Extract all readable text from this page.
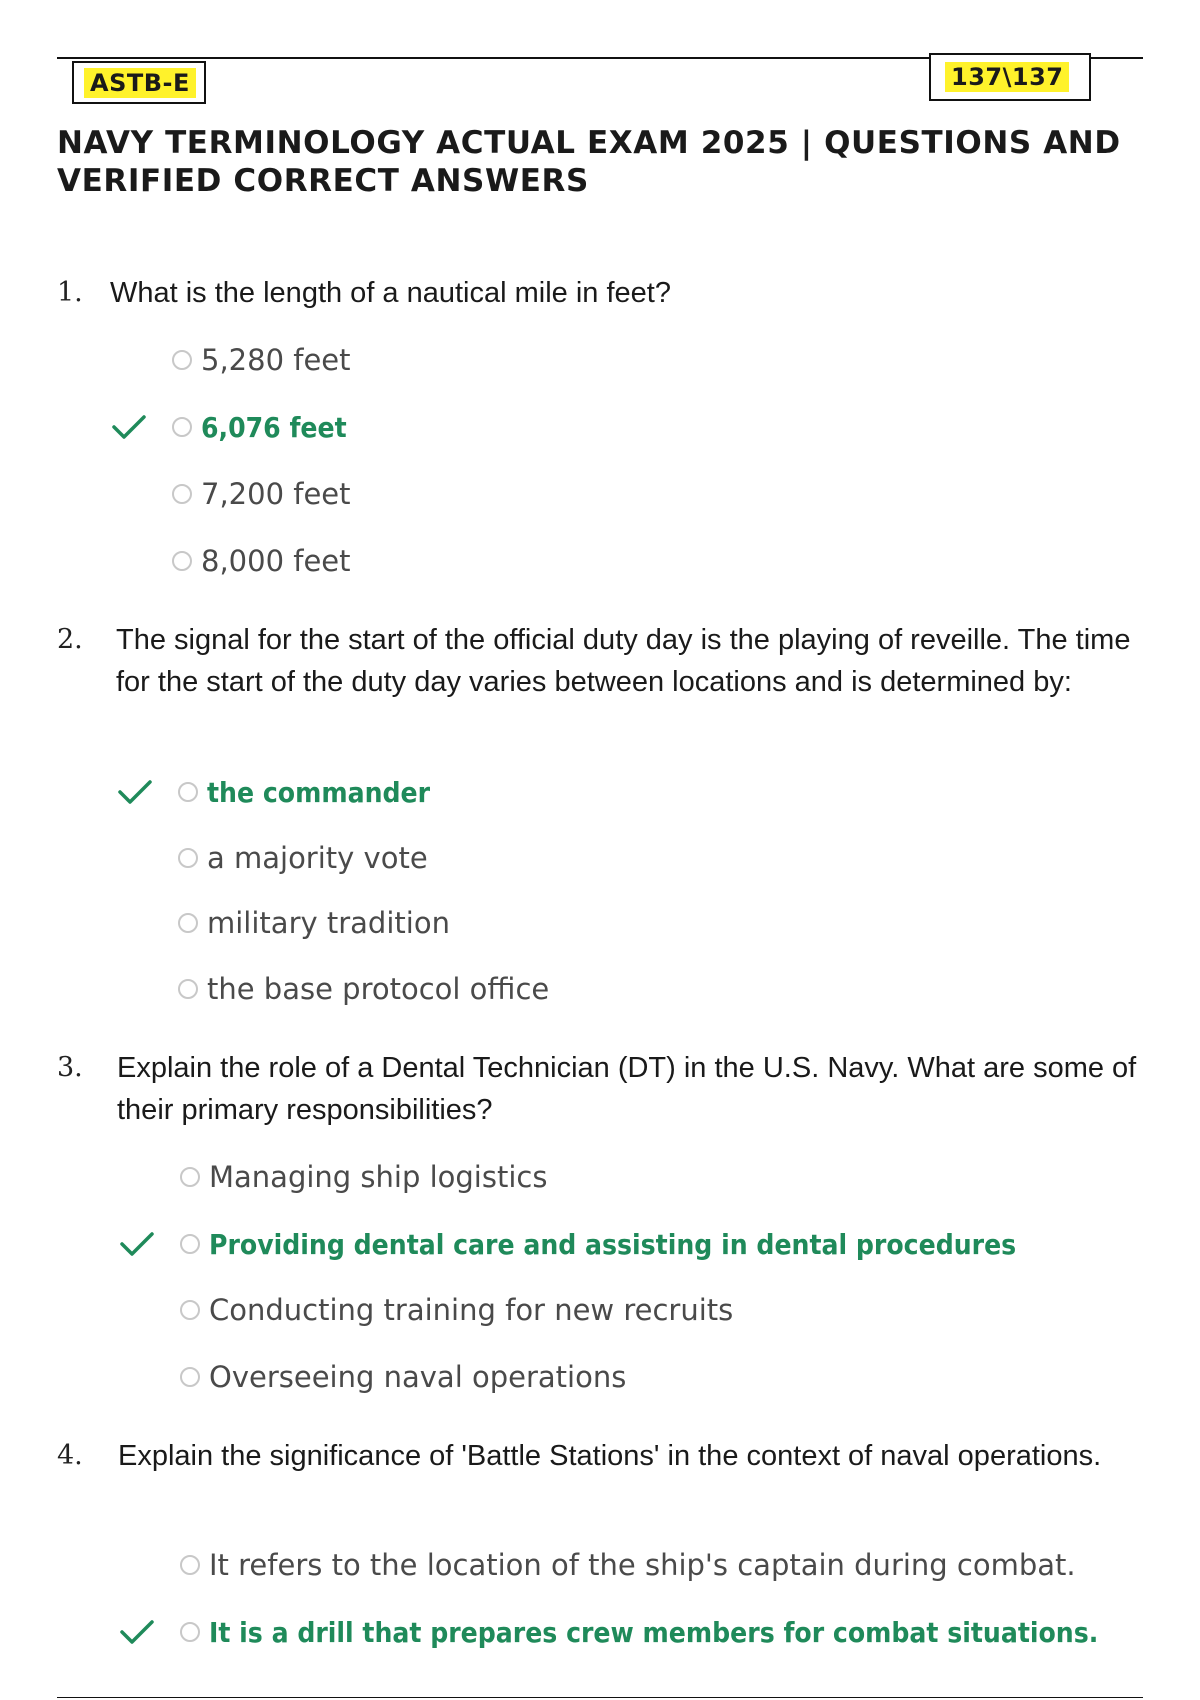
ASTB-E	137\137
NAVY TERMINOLOGY ACTUAL EXAM 2025 | QUESTIONS AND VERIFIED CORRECT ANSWERS
1. What is the length of a nautical mile in feet?
5,280 feet
6,076 feet
7,200 feet
8,000 feet
2. The signal for the start of the official duty day is the playing of reveille. The time for the start of the duty day varies between locations and is determined by:
the commander
a majority vote
military tradition
the base protocol office
3. Explain the role of a Dental Technician (DT) in the U.S. Navy. What are some of their primary responsibilities?
Managing ship logistics
Providing dental care and assisting in dental procedures
Conducting training for new recruits
Overseeing naval operations
4. Explain the significance of 'Battle Stations' in the context of naval operations.
It refers to the location of the ship's captain during combat.
It is a drill that prepares crew members for combat situations.
